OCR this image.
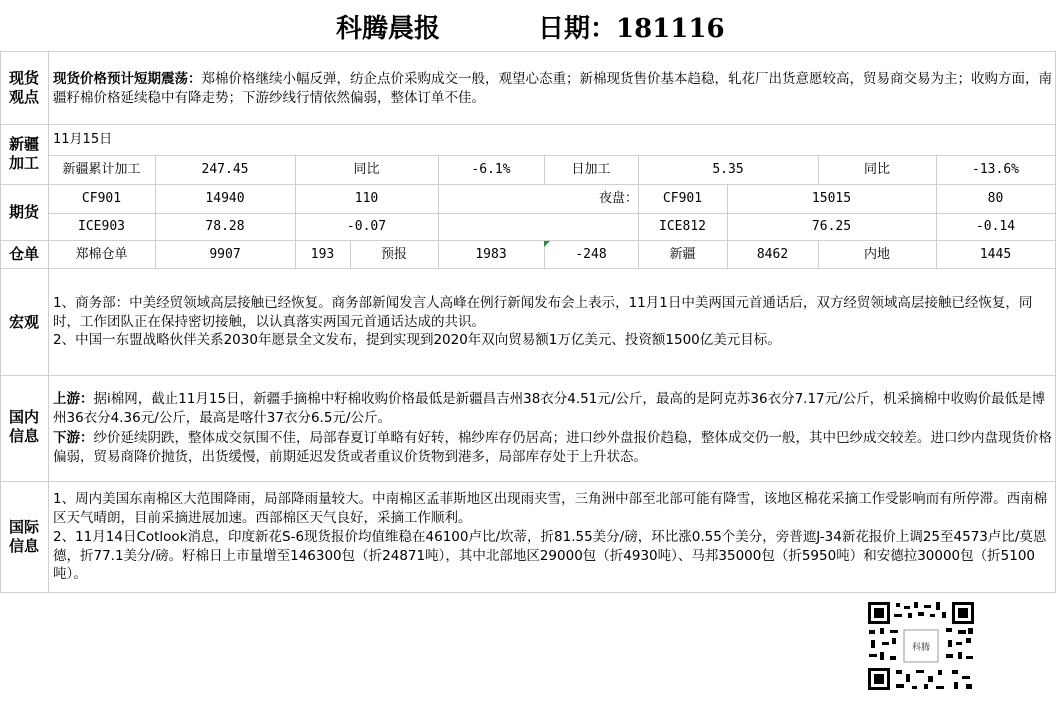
科腾晨报	日期：181116
现货
观点
现货价格预计短期震荡：郑棉价格继续小幅反弹，纺企点价采购成交一般，观望心态重；新棉现货售价基本趋稳，轧花厂出货意愿较高，贸易商交易为主；收购方面，南疆籽棉价格延续稳中有降走势；下游纱线行情依然偏弱，整体订单不佳。
新疆
加工
11月15日
新疆累计加工	247.45	同比	-6.1%	日加工	5.35	同比	-13.6%
期货
CF901	14940	110	夜盘：	CF901	15015	80
ICE903	78.28	-0.07	ICE812	76.25	-0.14
仓单	郑棉仓单	9907	193	预报	1983	-248	新疆	8462	内地	1445
宏观
1、商务部：中美经贸领域高层接触已经恢复。商务部新闻发言人高峰在例行新闻发布会上表示，11月1日中美两国元首通话后，双方经贸领域高层接触已经恢复，同时，工作团队正在保持密切接触，以认真落实两国元首通话达成的共识。
2、中国一东盟战略伙伴关系2030年愿景全文发布，提到实现到2020年双向贸易额1万亿美元、投资额1500亿美元目标。
国内
信息
上游：据i棉网，截止11月15日，新疆手摘棉中籽棉收购价格最低是新疆昌吉州38衣分4.51元/公斤，最高的是阿克苏36衣分7.17元/公斤，机采摘棉中收购价最低是博州36衣分4.36元/公斤，最高是喀什37衣分6.5元/公斤。
下游：纱价延续阴跌，整体成交氛围不佳，局部春夏订单略有好转，棉纱库存仍居高；进口纱外盘报价趋稳，整体成交仍一般，其中巴纱成交较差。进口纱内盘现货价格偏弱，贸易商降价抛货，出货缓慢，前期延迟发货或者重议价货物到港多，局部库存处于上升状态。
国际
信息
1、周内美国东南棉区大范围降雨，局部降雨量较大。中南棉区孟菲斯地区出现雨夹雪，三角洲中部至北部可能有降雪，该地区棉花采摘工作受影响而有所停滞。西南棉区天气晴朗，目前采摘进展加速。西部棉区天气良好，采摘工作顺利。
2、11月14日Cotlook消息，印度新花S-6现货报价均值维稳在46100卢比/坎蒂，折81.55美分/磅，环比涨0.55个美分，旁普遮J-34新花报价上调25至4573卢比/莫恩德，折77.1美分/磅。籽棉日上市量增至146300包（折24871吨），其中北部地区29000包（折4930吨）、马邦35000包（折5950吨）和安德拉30000包（折5100吨）。
科腾
